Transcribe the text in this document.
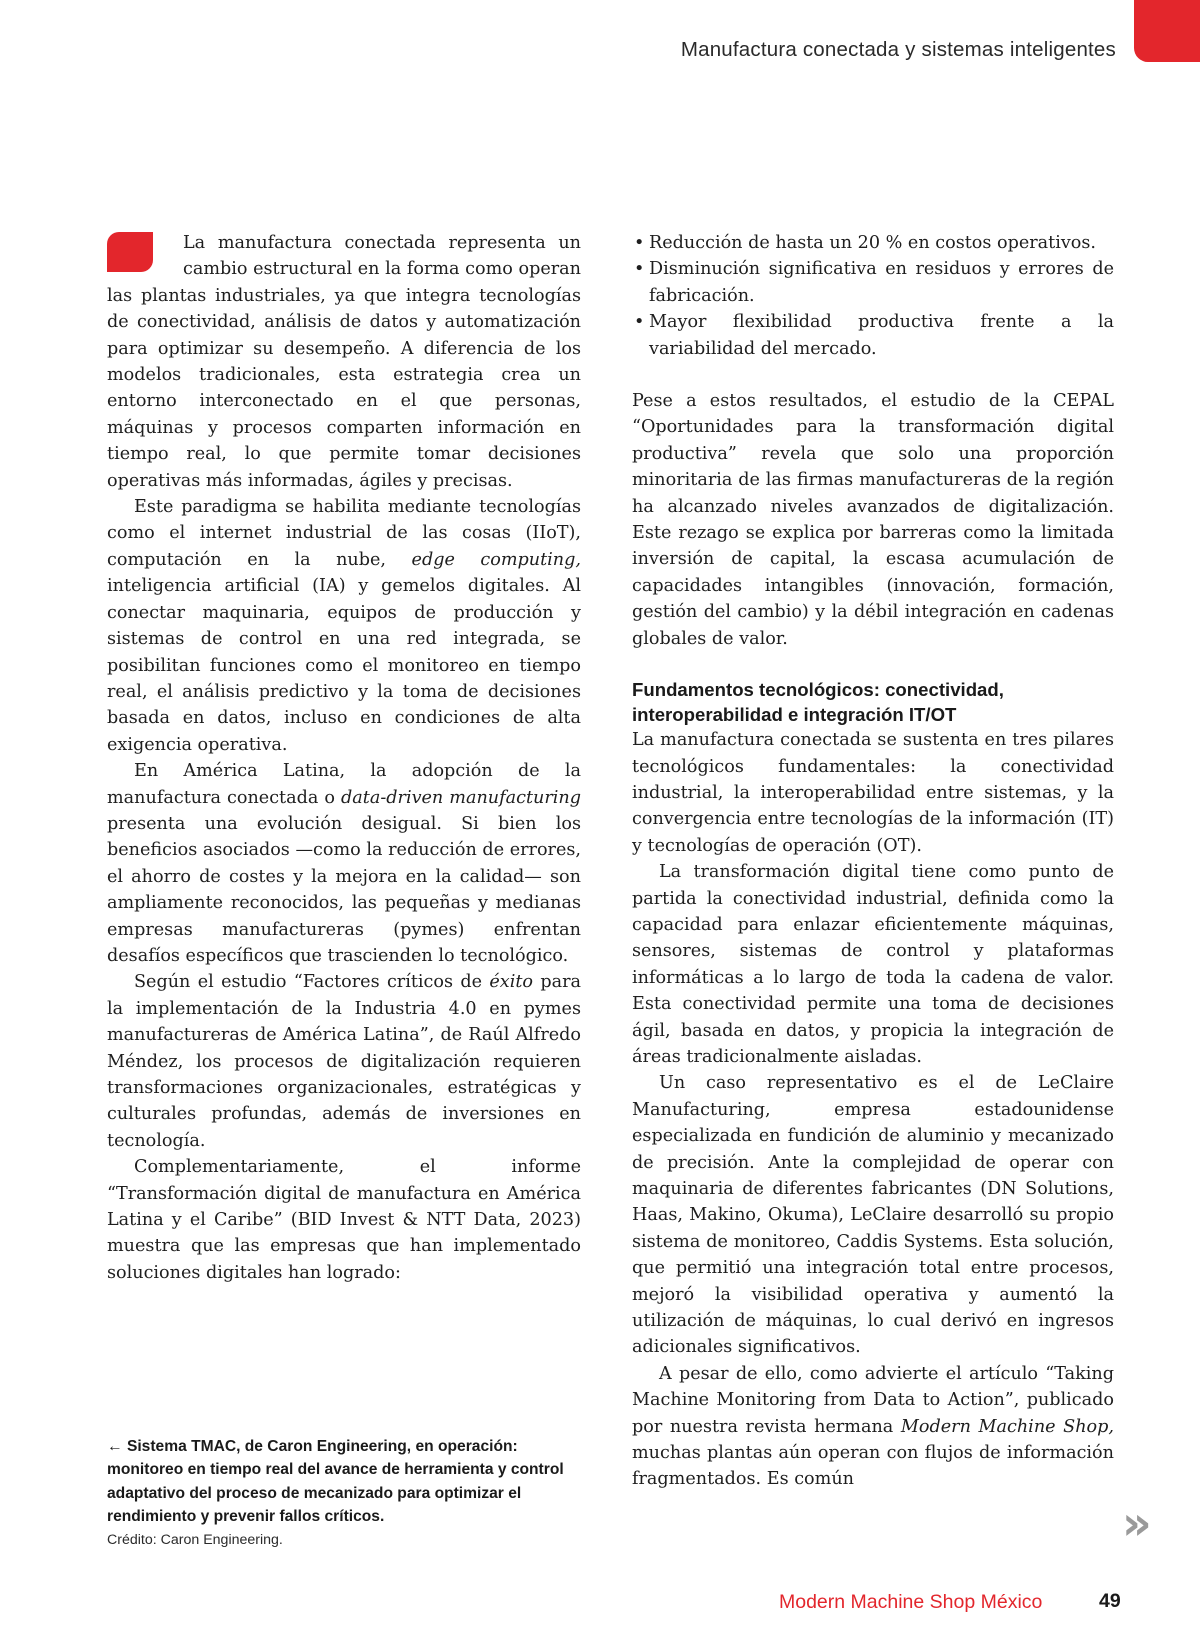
Manufactura conectada y sistemas inteligentes

La manufactura conectada representa un cambio estructural en la forma como operan las plantas industriales, ya que integra tecnologías de conectividad, análisis de datos y automatización para optimizar su desempeño. A diferencia de los modelos tradicionales, esta estrategia crea un entorno interconectado en el que personas, máquinas y procesos comparten información en tiempo real, lo que permite tomar decisiones operativas más informadas, ágiles y precisas.

Este paradigma se habilita mediante tecnologías como el internet industrial de las cosas (IIoT), computación en la nube, edge computing, inteligencia artificial (IA) y gemelos digitales. Al conectar maquinaria, equipos de producción y sistemas de control en una red integrada, se posibilitan funciones como el monitoreo en tiempo real, el análisis predictivo y la toma de decisiones basada en datos, incluso en condiciones de alta exigencia operativa.

En América Latina, la adopción de la manufactura conectada o data-driven manufacturing presenta una evolución desigual. Si bien los beneficios asociados —como la reducción de errores, el ahorro de costes y la mejora en la calidad— son ampliamente reconocidos, las pequeñas y medianas empresas manufactureras (pymes) enfrentan desafíos específicos que trascienden lo tecnológico.

Según el estudio “Factores críticos de éxito para la implementación de la Industria 4.0 en pymes manufactureras de América Latina”, de Raúl Alfredo Méndez, los procesos de digitalización requieren transformaciones organizacionales, estratégicas y culturales profundas, además de inversiones en tecnología.

Complementariamente, el informe “Transformación digital de manufactura en América Latina y el Caribe” (BID Invest & NTT Data, 2023) muestra que las empresas que han implementado soluciones digitales han logrado:

← Sistema TMAC, de Caron Engineering, en operación: monitoreo en tiempo real del avance de herramienta y control adaptativo del proceso de mecanizado para optimizar el rendimiento y prevenir fallos críticos.
Crédito: Caron Engineering.
• Reducción de hasta un 20 % en costos operativos.
• Disminución significativa en residuos y errores de fabricación.
• Mayor flexibilidad productiva frente a la variabilidad del mercado.

Pese a estos resultados, el estudio de la CEPAL “Oportunidades para la transformación digital productiva” revela que solo una proporción minoritaria de las firmas manufactureras de la región ha alcanzado niveles avanzados de digitalización. Este rezago se explica por barreras como la limitada inversión de capital, la escasa acumulación de capacidades intangibles (innovación, formación, gestión del cambio) y la débil integración en cadenas globales de valor.

Fundamentos tecnológicos: conectividad, interoperabilidad e integración IT/OT

La manufactura conectada se sustenta en tres pilares tecnológicos fundamentales: la conectividad industrial, la interoperabilidad entre sistemas, y la convergencia entre tecnologías de la información (IT) y tecnologías de operación (OT).

La transformación digital tiene como punto de partida la conectividad industrial, definida como la capacidad para enlazar eficientemente máquinas, sensores, sistemas de control y plataformas informáticas a lo largo de toda la cadena de valor. Esta conectividad permite una toma de decisiones ágil, basada en datos, y propicia la integración de áreas tradicionalmente aisladas.

Un caso representativo es el de LeClaire Manufacturing, empresa estadounidense especializada en fundición de aluminio y mecanizado de precisión. Ante la complejidad de operar con maquinaria de diferentes fabricantes (DN Solutions, Haas, Makino, Okuma), LeClaire desarrolló su propio sistema de monitoreo, Caddis Systems. Esta solución, que permitió una integración total entre procesos, mejoró la visibilidad operativa y aumentó la utilización de máquinas, lo cual derivó en ingresos adicionales significativos.

A pesar de ello, como advierte el artículo “Taking Machine Monitoring from Data to Action”, publicado por nuestra revista hermana Modern Machine Shop, muchas plantas aún operan con flujos de información fragmentados. Es común

»
Modern Machine Shop México	49
